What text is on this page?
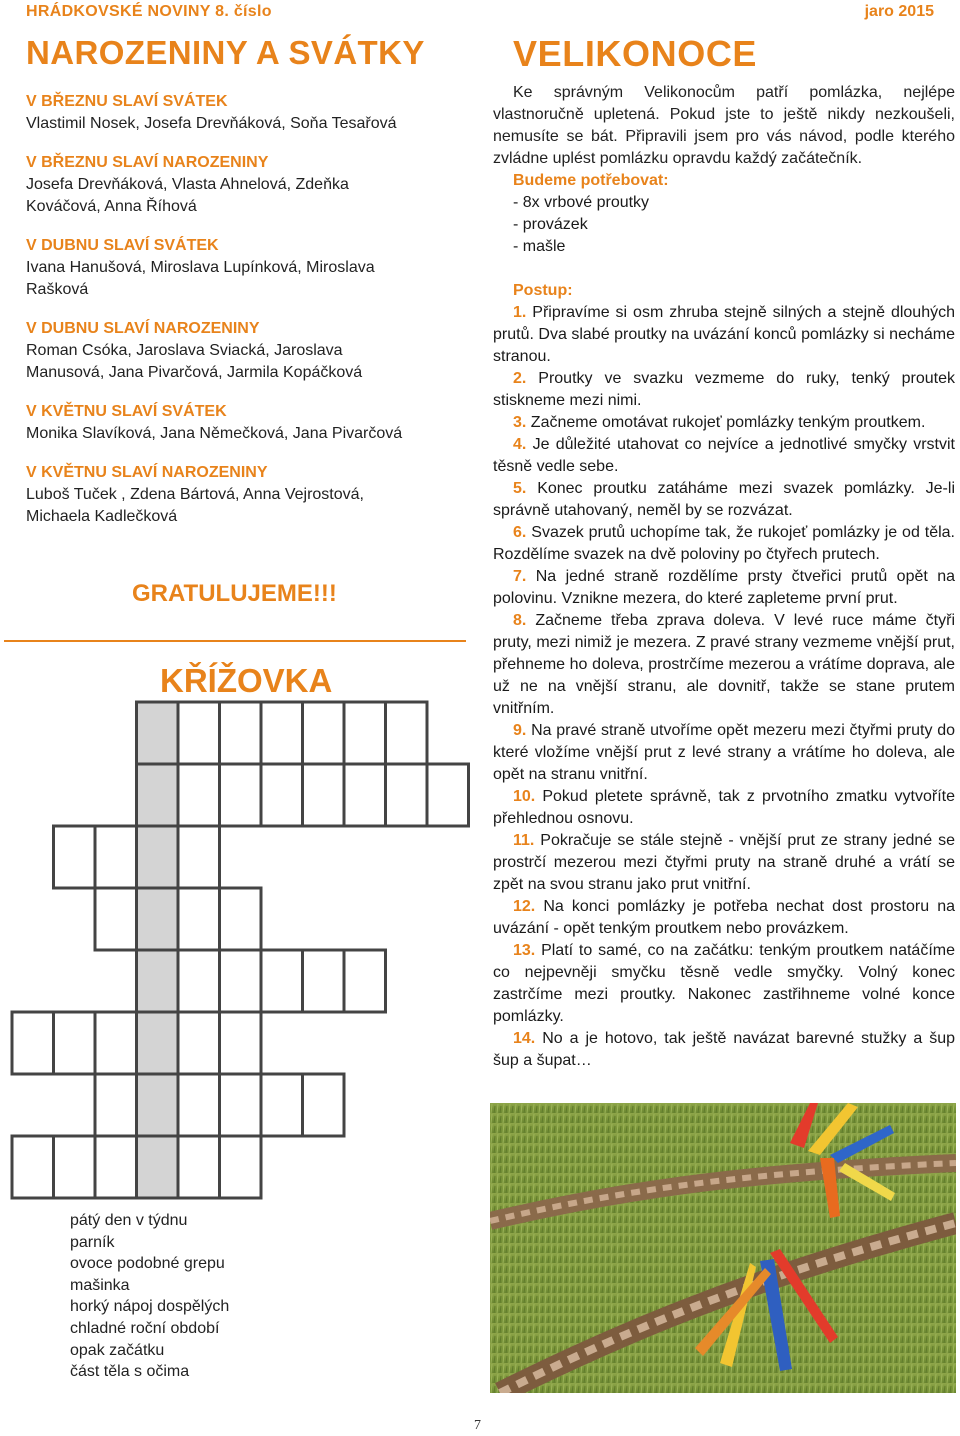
HRÁDKOVSKÉ NOVINY 8. číslo	jaro 2015
NAROZENINY A SVÁTKY
V BŘEZNU SLAVÍ SVÁTEK
Vlastimil Nosek, Josefa Drevňáková, Soňa Tesařová
V BŘEZNU SLAVÍ NAROZENINY
Josefa Drevňáková, Vlasta Ahnelová, Zdeňka
Kováčová, Anna Říhová
V DUBNU SLAVÍ SVÁTEK
Ivana Hanušová, Miroslava Lupínková, Miroslava
Rašková
V DUBNU SLAVÍ NAROZENINY
Roman Csóka, Jaroslava Sviacká, Jaroslava
Manusová, Jana Pivarčová, Jarmila Kopáčková
V KVĚTNU SLAVÍ SVÁTEK
Monika Slavíková, Jana Němečková, Jana Pivarčová
V KVĚTNU SLAVÍ NAROZENINY
Luboš Tuček , Zdena Bártová, Anna Vejrostová,
Michaela Kadlečková
GRATULUJEME!!!
KŘÍŽOVKA
pátý den v týdnu
parník
ovoce podobné grepu
mašinka
horký nápoj dospělých
chladné roční období
opak začátku
část těla s očima
VELIKONOCE

Ke správným Velikonocům patří pomlázka, nejlépe vlastnoručně upletená. Pokud jste to ještě nikdy nezkoušeli, nemusíte se bát. Připravili jsem pro vás návod, podle kterého zvládne uplést pomlázku opravdu každý začátečník.

Budeme potřebovat:
- 8x vrbové proutky
- provázek
- mašle
Postup:

1. Připravíme si osm zhruba stejně silných a stejně dlouhých prutů. Dva slabé proutky na uvázání konců pomlázky si necháme stranou.

2. Proutky ve svazku vezmeme do ruky, tenký proutek stiskneme mezi nimi.

3. Začneme omotávat rukojeť pomlázky tenkým proutkem.

4. Je důležité utahovat co nejvíce a jednotlivé smyčky vrstvit těsně vedle sebe.

5. Konec proutku zatáháme mezi svazek pomlázky. Je-li správně utahovaný, neměl by se rozvázat.

6. Svazek prutů uchopíme tak, že rukojeť pomlázky je od těla. Rozdělíme svazek na dvě poloviny po čtyřech prutech.

7. Na jedné straně rozdělíme prsty čtveřici prutů opět na polovinu. Vznikne mezera, do které zapleteme první prut.

8. Začneme třeba zprava doleva. V levé ruce máme čtyři pruty, mezi nimiž je mezera. Z pravé strany vezmeme vnější prut, přehneme ho doleva, prostrčíme mezerou a vrátíme doprava, ale už ne na vnější stranu, ale dovnitř, takže se stane prutem vnitřním.

9. Na pravé straně utvoříme opět mezeru mezi čtyřmi pruty do které vložíme vnější prut z levé strany a vrátíme ho doleva, ale opět na stranu vnitřní.

10. Pokud pletete správně, tak z prvotního zmatku vytvoříte přehlednou osnovu.

11. Pokračuje se stále stejně - vnější prut ze strany jedné se prostrčí mezerou mezi čtyřmi pruty na straně druhé a vrátí se zpět na svou stranu jako prut vnitřní.

12. Na konci pomlázky je potřeba nechat dost prostoru na uvázání - opět tenkým proutkem nebo provázkem.

13. Platí to samé, co na začátku: tenkým proutkem natáčíme co nejpevněji smyčku těsně vedle smyčky. Volný konec zastrčíme mezi proutky. Nakonec zastřihneme volné konce pomlázky.

14. No a je hotovo, tak ještě navázat barevné stužky a šup šup a šupat…

7
